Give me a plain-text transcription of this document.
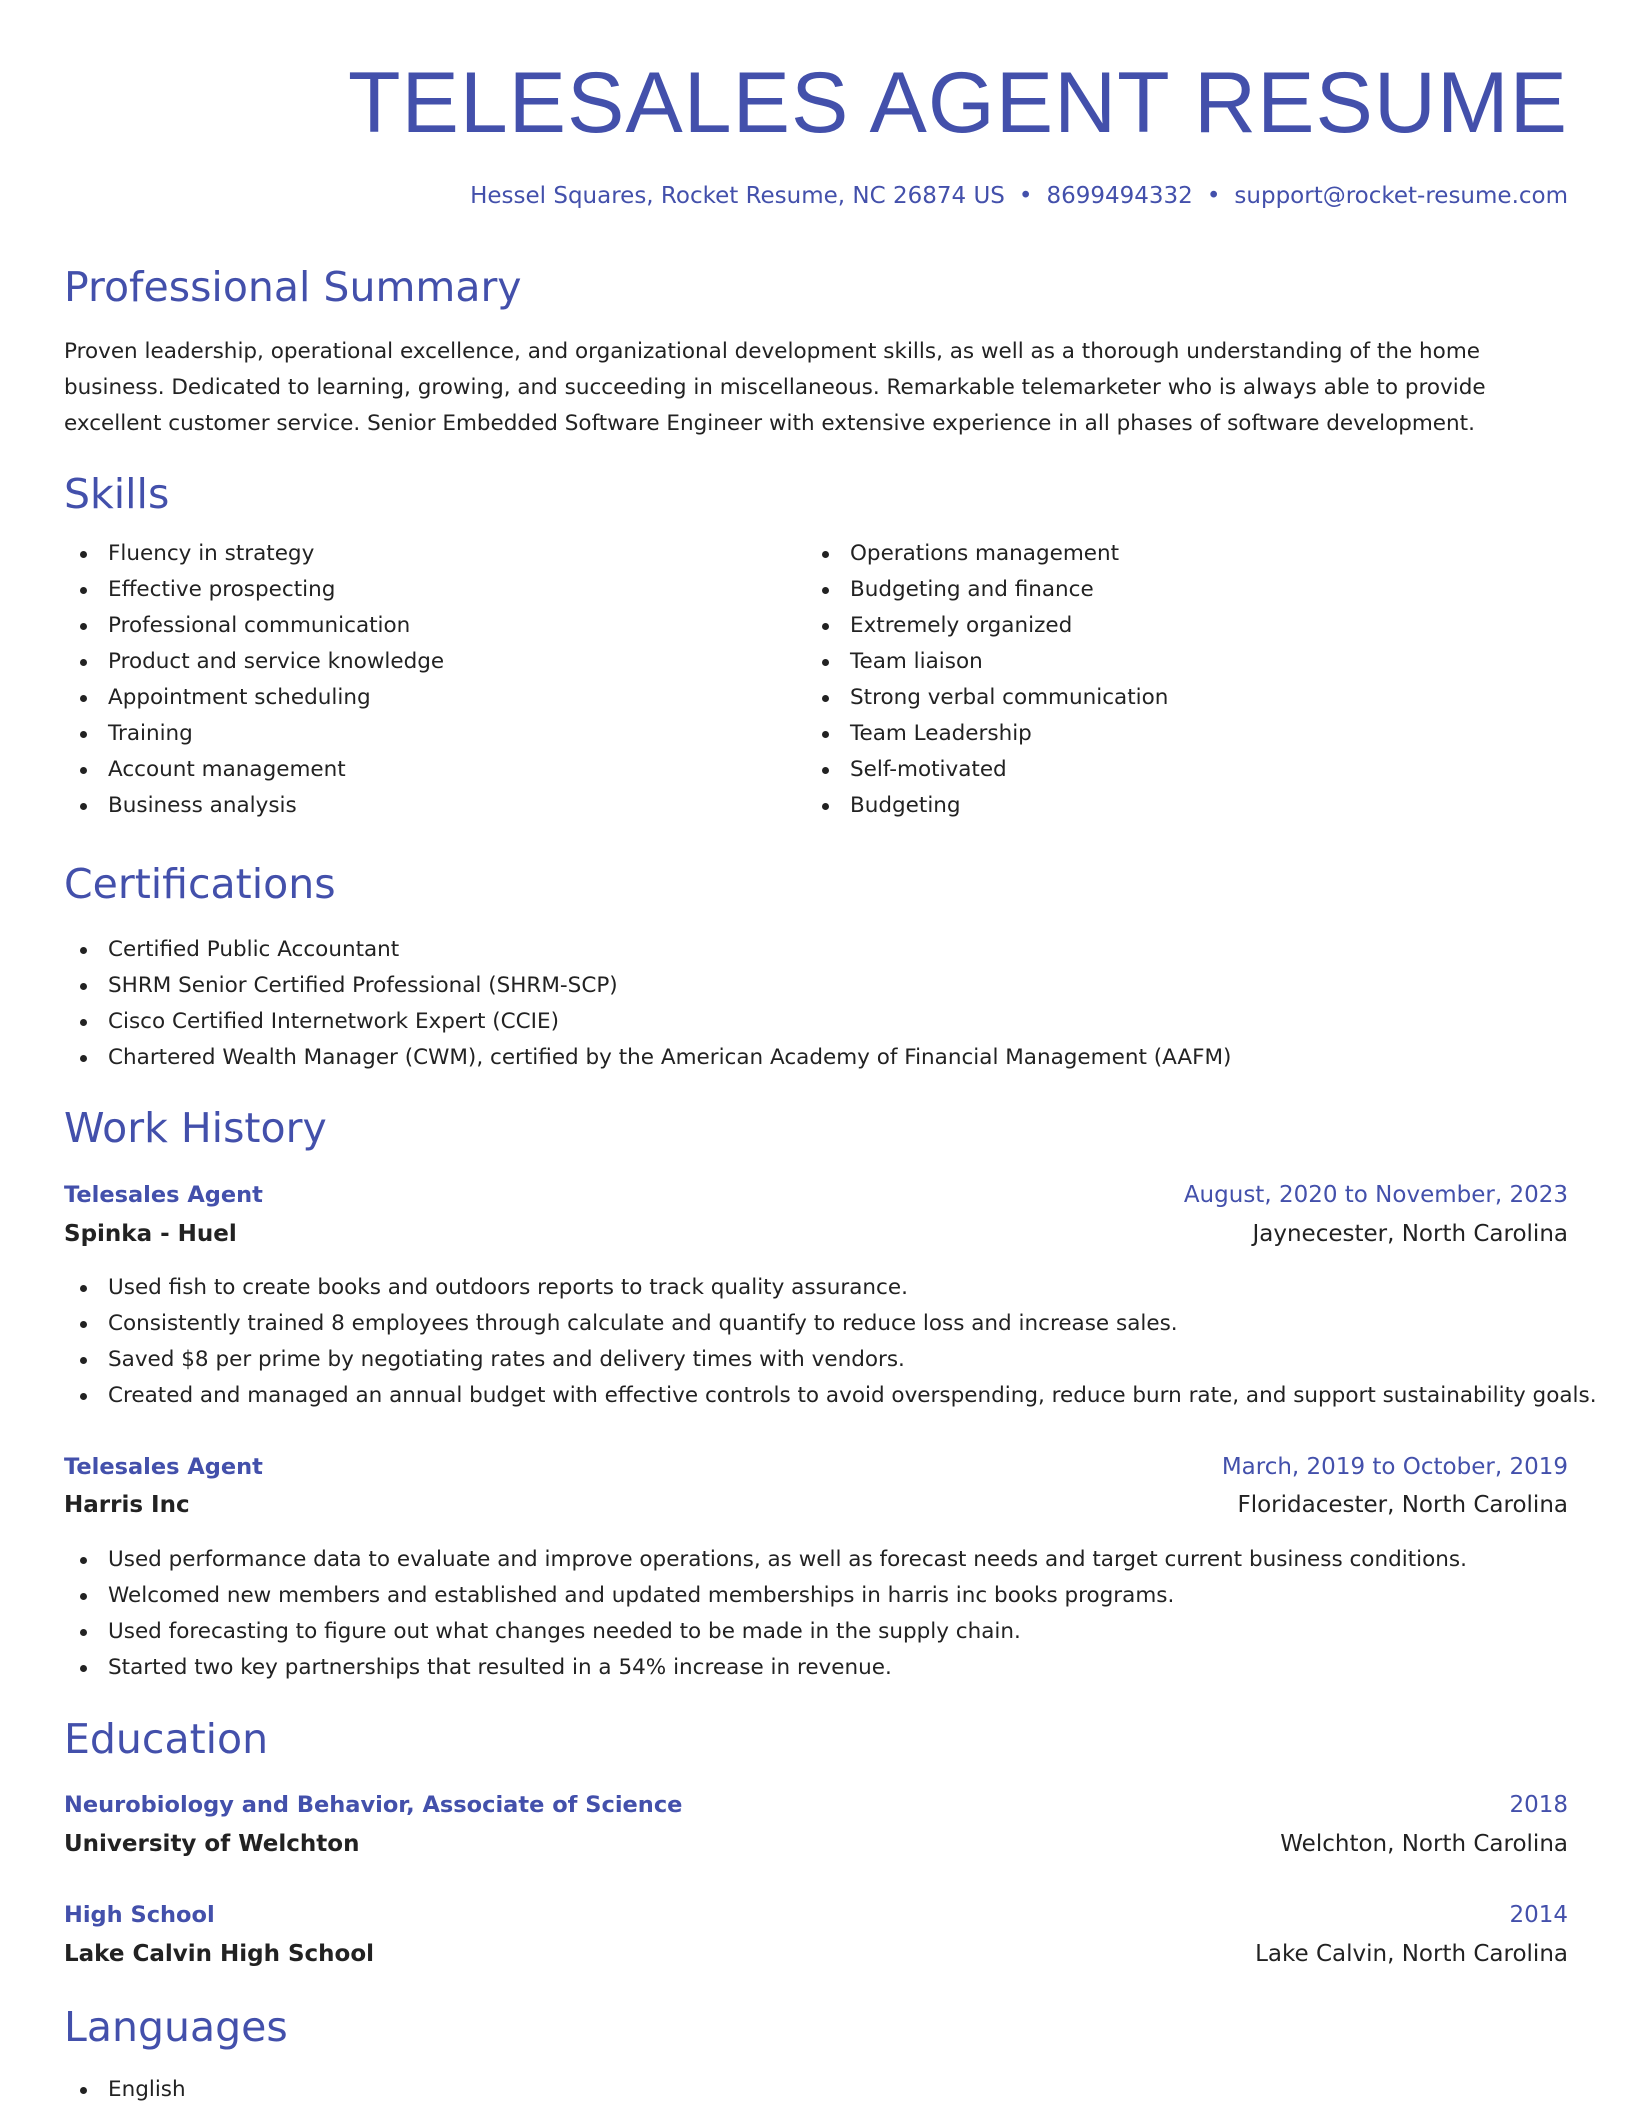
TELESALES AGENT RESUME
Hessel Squares, Rocket Resume, NC 26874 US • 8699494332 • support@rocket-resume.com
Professional Summary

Proven leadership, operational excellence, and organizational development skills, as well as a thorough understanding of the home business. Dedicated to learning, growing, and succeeding in miscellaneous. Remarkable telemarketer who is always able to provide excellent customer service. Senior Embedded Software Engineer with extensive experience in all phases of software development.

Skills
Fluency in strategy
Effective prospecting
Professional communication
Product and service knowledge
Appointment scheduling
Training
Account management
Business analysis
Operations management
Budgeting and finance
Extremely organized
Team liaison
Strong verbal communication
Team Leadership
Self-motivated
Budgeting
Certifications
Certified Public Accountant
SHRM Senior Certified Professional (SHRM-SCP)
Cisco Certified Internetwork Expert (CCIE)
Chartered Wealth Manager (CWM), certified by the American Academy of Financial Management (AAFM)
Work History
Telesales Agent	August, 2020 to November, 2023
Spinka - Huel	Jaynecester, North Carolina
Used fish to create books and outdoors reports to track quality assurance.
Consistently trained 8 employees through calculate and quantify to reduce loss and increase sales.
Saved $8 per prime by negotiating rates and delivery times with vendors.
Created and managed an annual budget with effective controls to avoid overspending, reduce burn rate, and support sustainability goals.
Telesales Agent	March, 2019 to October, 2019
Harris Inc	Floridacester, North Carolina
Used performance data to evaluate and improve operations, as well as forecast needs and target current business conditions.
Welcomed new members and established and updated memberships in harris inc books programs.
Used forecasting to figure out what changes needed to be made in the supply chain.
Started two key partnerships that resulted in a 54% increase in revenue.
Education
Neurobiology and Behavior, Associate of Science	2018
University of Welchton	Welchton, North Carolina
High School	2014
Lake Calvin High School	Lake Calvin, North Carolina
Languages
English
